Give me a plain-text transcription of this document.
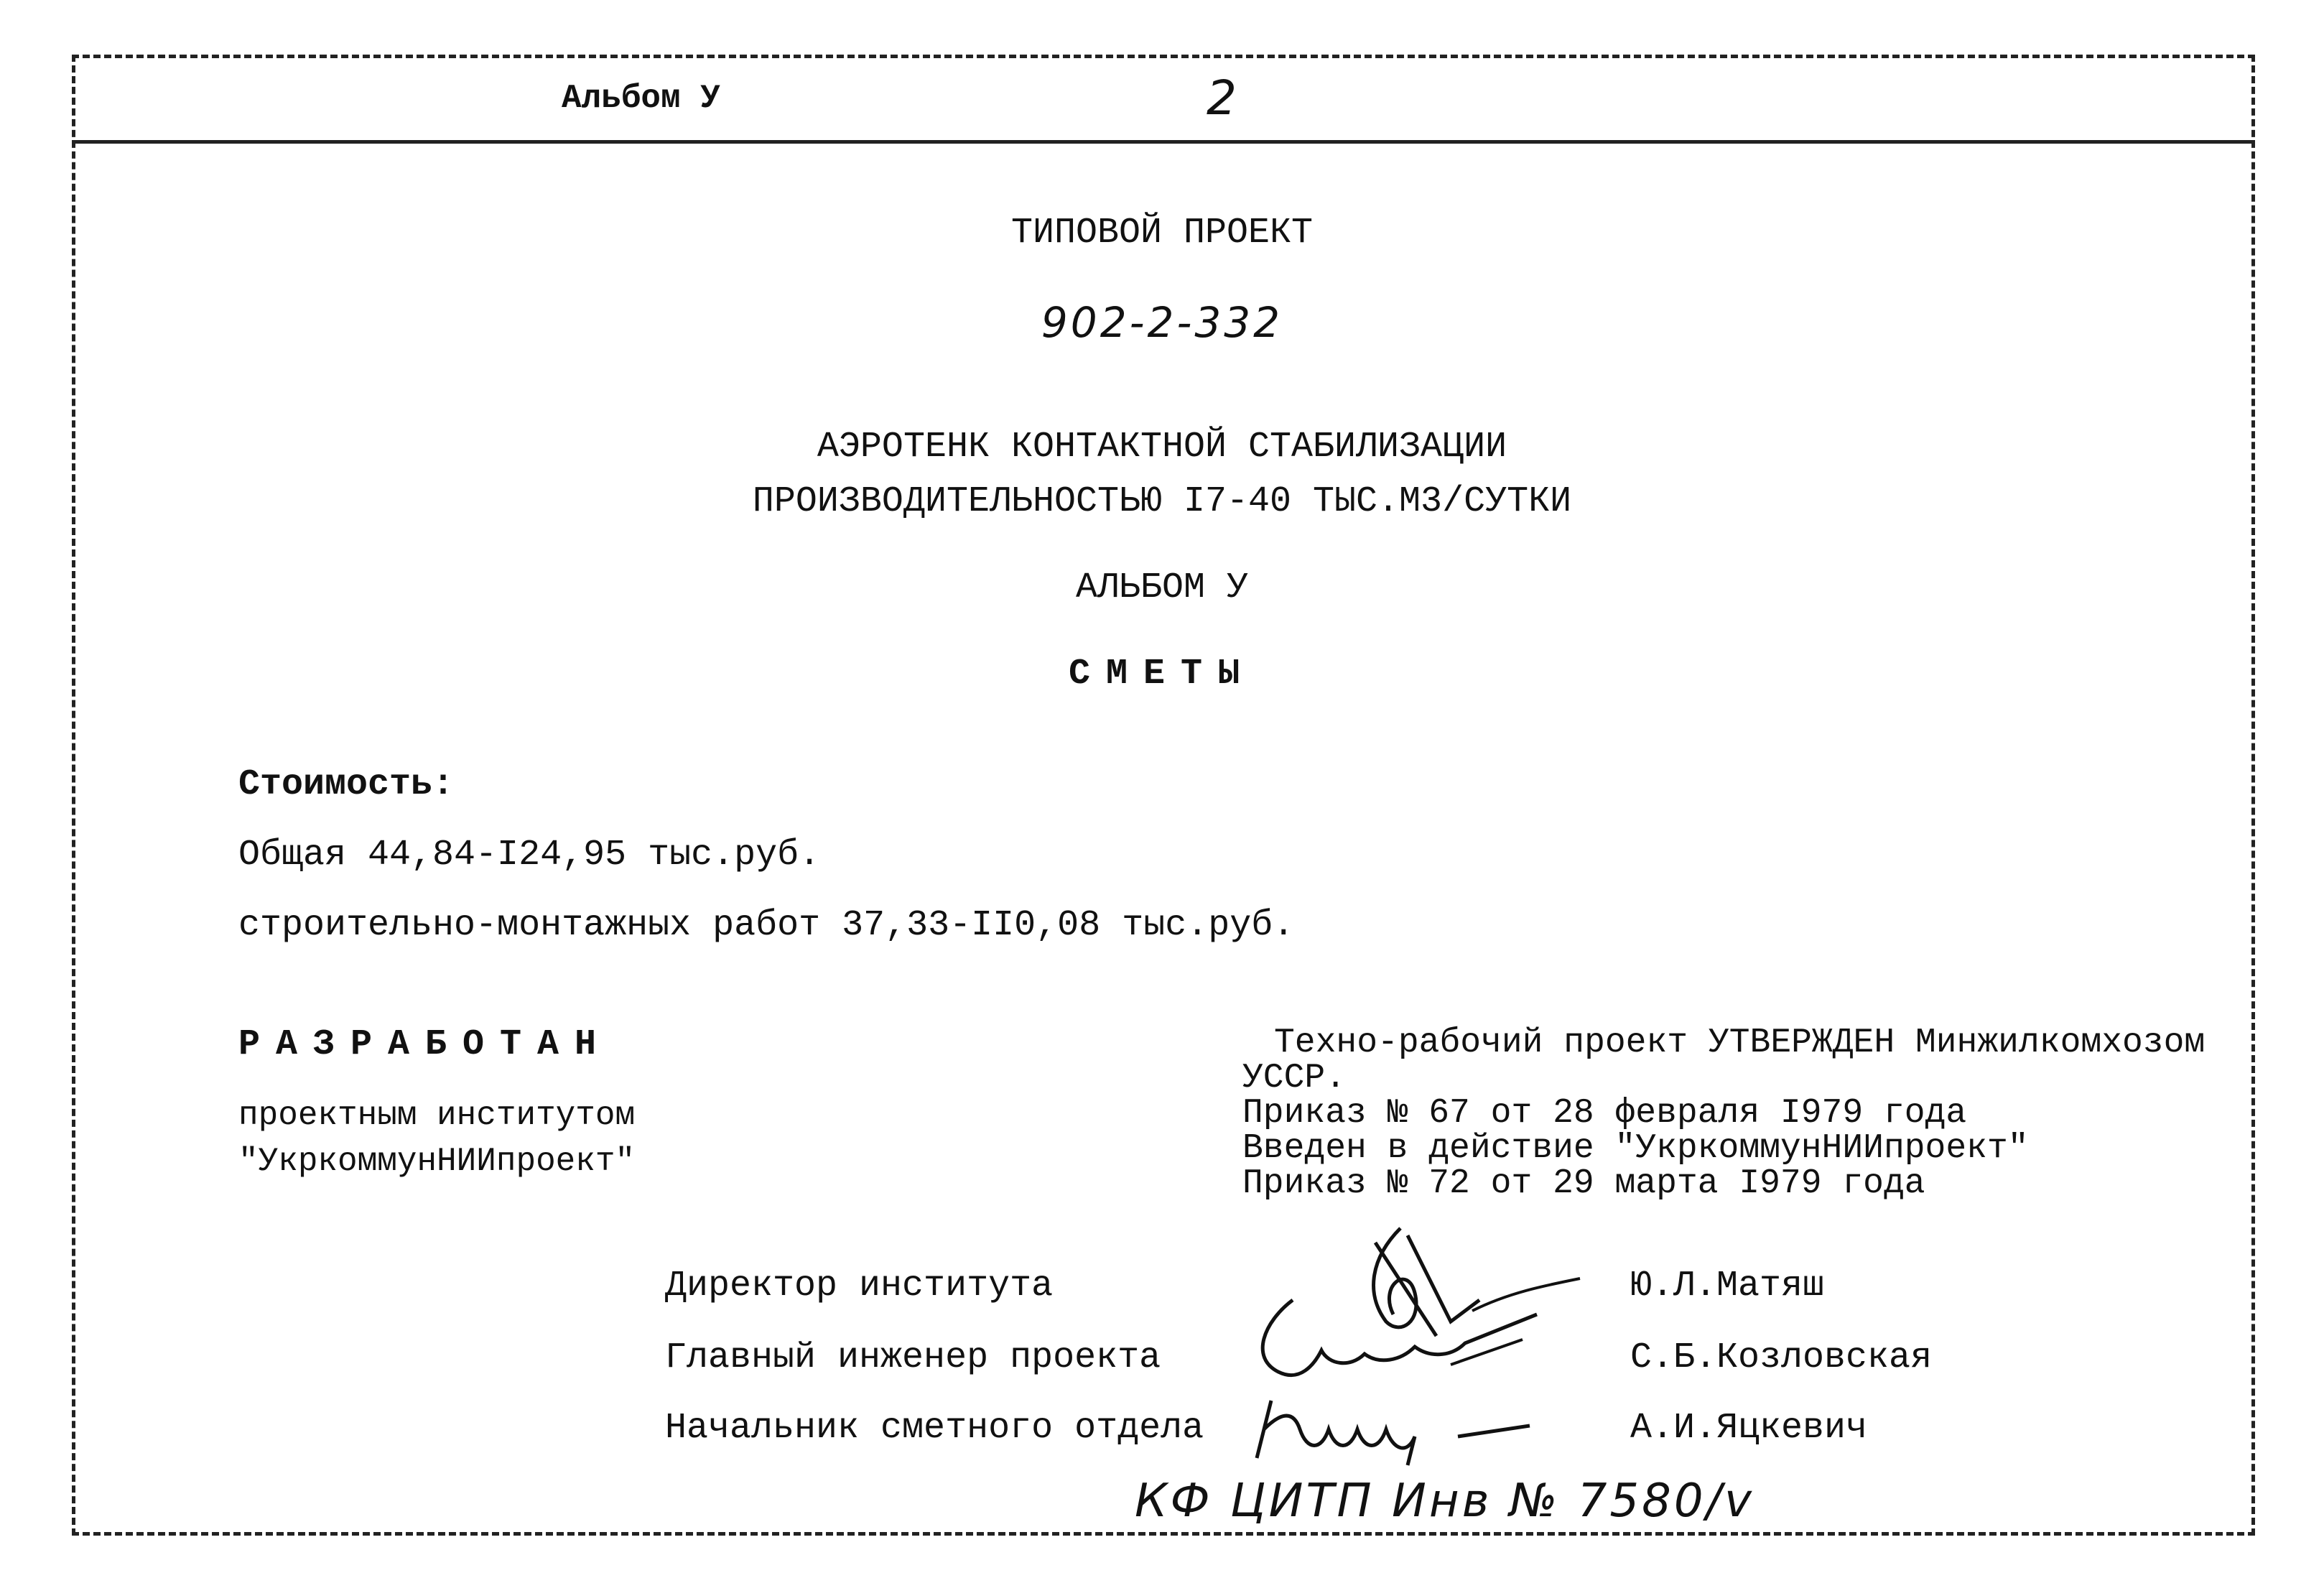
Альбом У	2
ТИПОВОЙ ПРОЕКТ
902-2-332
АЭРОТЕНК КОНТАКТНОЙ СТАБИЛИЗАЦИИ
ПРОИЗВОДИТЕЛЬНОСТЬЮ I7-40 ТЫС.М3/СУТКИ
АЛЬБОМ У
СМЕТЫ
Стоимость:
Общая 44,84-I24,95 тыс.руб.
строительно-монтажных работ 37,33-II0,08 тыс.руб.
РАЗРАБОТАН
проектным институтом
"УкркоммунНИИпроект"
Техно-рабочий проект УТВЕРЖДЕН Минжилкомхозом
УССР.
Приказ № 67 от 28 февраля I979 года
Введен в действие "УкркоммунНИИпроект"
Приказ № 72 от 29 марта I979 года
Директор института	Ю.Л.Матяш
Главный инженер проекта	С.Б.Козловская
Начальник сметного отдела	А.И.Яцкевич
КФ ЦИТП Инв № 7580/v
